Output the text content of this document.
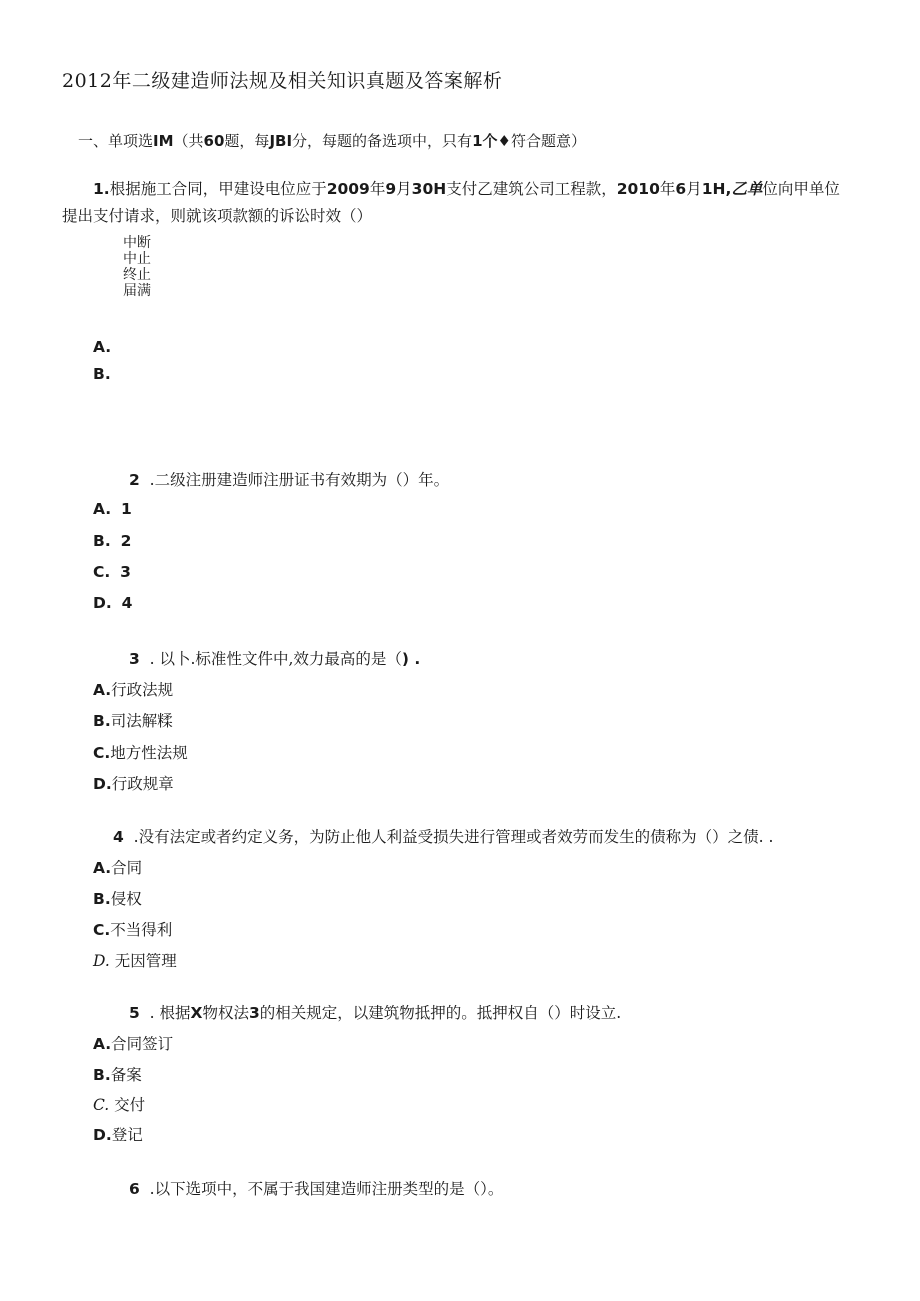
2012年二级建造师法规及相关知识真题及答案解析
一、单项选IM（共60题，每JBI分，每题的备选项中，只有1个♦符合题意）
1.根据施工合同，甲建设电位应于2009年9月30H支付乙建筑公司工程款，2010年6月1H,乙单位向甲单位
提出支付请求，则就该项款额的诉讼时效（）
中断
中止
终止
届满
A.
B.
2 .二级注册建造师注册证书有效期为（）年。
A. 1
B. 2
C. 3
D. 4
3 . 以卜.标准性文件中,效力最高的是（) .
A.行政法规
B.司法解糅
C.地方性法规
D.行政规章
4 .没有法定或者约定义务，为防止他人利益受损失进行管理或者效劳而发生的债称为（）之债. .
A.合同
B.侵权
C.不当得利
D. 无因管理
5 . 根据X物权法3的相关规定，以建筑物抵押的。抵押权自（）时设立.
A.合同签订
B.备案
C. 交付
D.登记
6 .以下选项中，不属于我国建造师注册类型的是（）。
